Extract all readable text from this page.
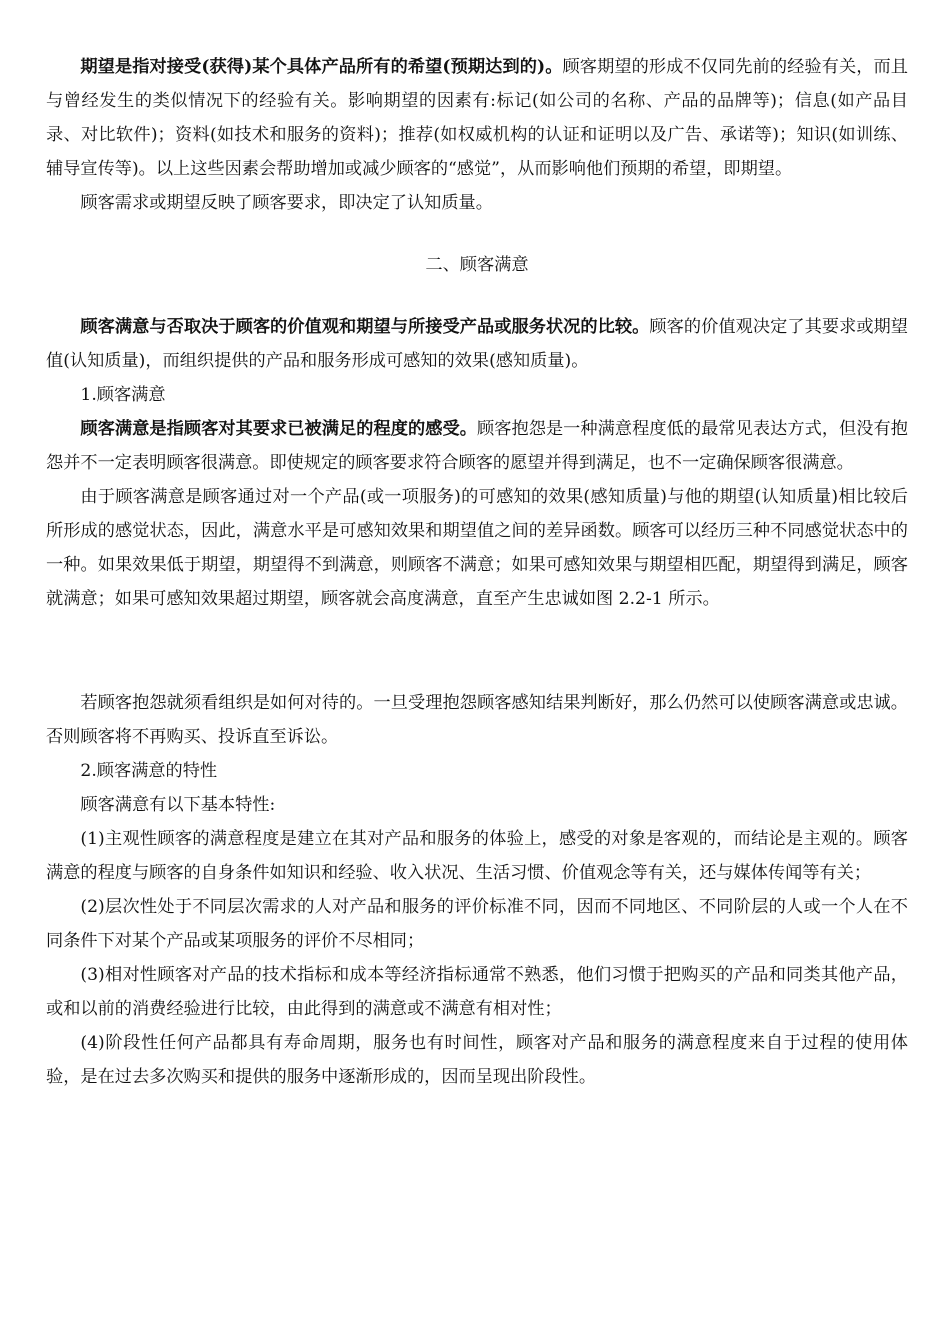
期望是指对接受(获得)某个具体产品所有的希望(预期达到的)。顾客期望的形成不仅同先前的经验有关，而且与曾经发生的类似情况下的经验有关。影响期望的因素有:标记(如公司的名称、产品的品牌等)；信息(如产品目录、对比软件)；资料(如技术和服务的资料)；推荐(如权威机构的认证和证明以及广告、承诺等)；知识(如训练、辅导宣传等)。以上这些因素会帮助增加或减少顾客的“感觉”，从而影响他们预期的希望，即期望。

顾客需求或期望反映了顾客要求，即决定了认知质量。

二、顾客满意

顾客满意与否取决于顾客的价值观和期望与所接受产品或服务状况的比较。顾客的价值观决定了其要求或期望值(认知质量)，而组织提供的产品和服务形成可感知的效果(感知质量)。

1.顾客满意

顾客满意是指顾客对其要求已被满足的程度的感受。顾客抱怨是一种满意程度低的最常见表达方式，但没有抱怨并不一定表明顾客很满意。即使规定的顾客要求符合顾客的愿望并得到满足，也不一定确保顾客很满意。

由于顾客满意是顾客通过对一个产品(或一项服务)的可感知的效果(感知质量)与他的期望(认知质量)相比较后所形成的感觉状态，因此，满意水平是可感知效果和期望值之间的差异函数。顾客可以经历三种不同感觉状态中的一种。如果效果低于期望，期望得不到满意，则顾客不满意；如果可感知效果与期望相匹配，期望得到满足，顾客就满意；如果可感知效果超过期望，顾客就会高度满意，直至产生忠诚如图 2.2-1 所示。

若顾客抱怨就须看组织是如何对待的。一旦受理抱怨顾客感知结果判断好，那么仍然可以使顾客满意或忠诚。否则顾客将不再购买、投诉直至诉讼。

2.顾客满意的特性

顾客满意有以下基本特性:

(1)主观性顾客的满意程度是建立在其对产品和服务的体验上，感受的对象是客观的，而结论是主观的。顾客满意的程度与顾客的自身条件如知识和经验、收入状况、生活习惯、价值观念等有关，还与媒体传闻等有关；

(2)层次性处于不同层次需求的人对产品和服务的评价标准不同，因而不同地区、不同阶层的人或一个人在不同条件下对某个产品或某项服务的评价不尽相同；

(3)相对性顾客对产品的技术指标和成本等经济指标通常不熟悉，他们习惯于把购买的产品和同类其他产品，或和以前的消费经验进行比较，由此得到的满意或不满意有相对性；

(4)阶段性任何产品都具有寿命周期，服务也有时间性，顾客对产品和服务的满意程度来自于过程的使用体验，是在过去多次购买和提供的服务中逐渐形成的，因而呈现出阶段性。
